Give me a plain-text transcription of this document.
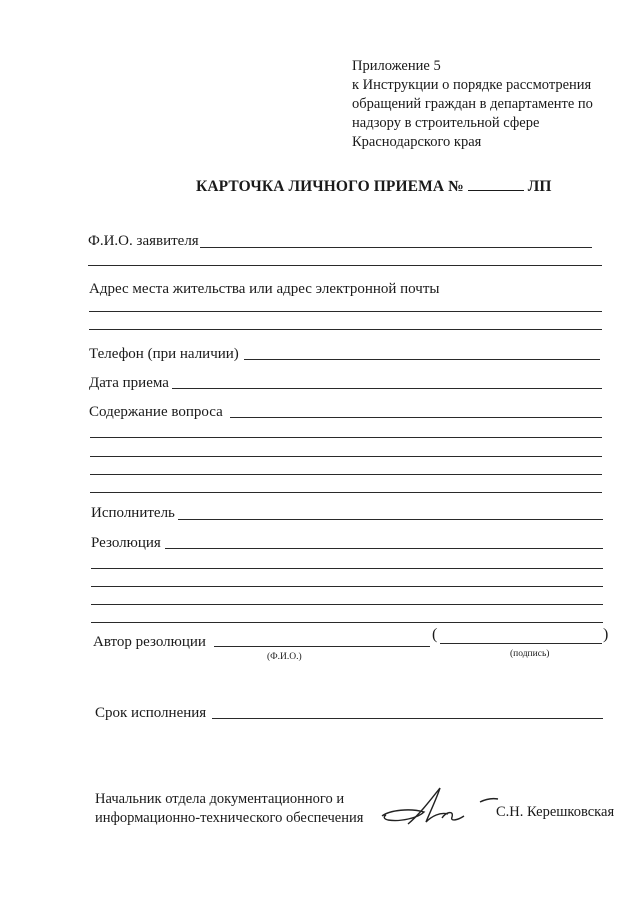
Приложение 5
к Инструкции о порядке рассмотрения
обращений граждан в департаменте по
надзору в строительной сфере
Краснодарского края
КАРТОЧКА ЛИЧНОГО ПРИЕМА №	ЛП
Ф.И.О. заявителя
Адрес места жительства или адрес электронной почты
Телефон (при наличии)
Дата приема
Содержание вопроса
Исполнитель
Резолюция
Автор резолюции
(Ф.И.О.)
(	)
(подпись)
Срок исполнения
Начальник отдела документационного и
информационно-технического обеспечения	С.Н. Керешковская
